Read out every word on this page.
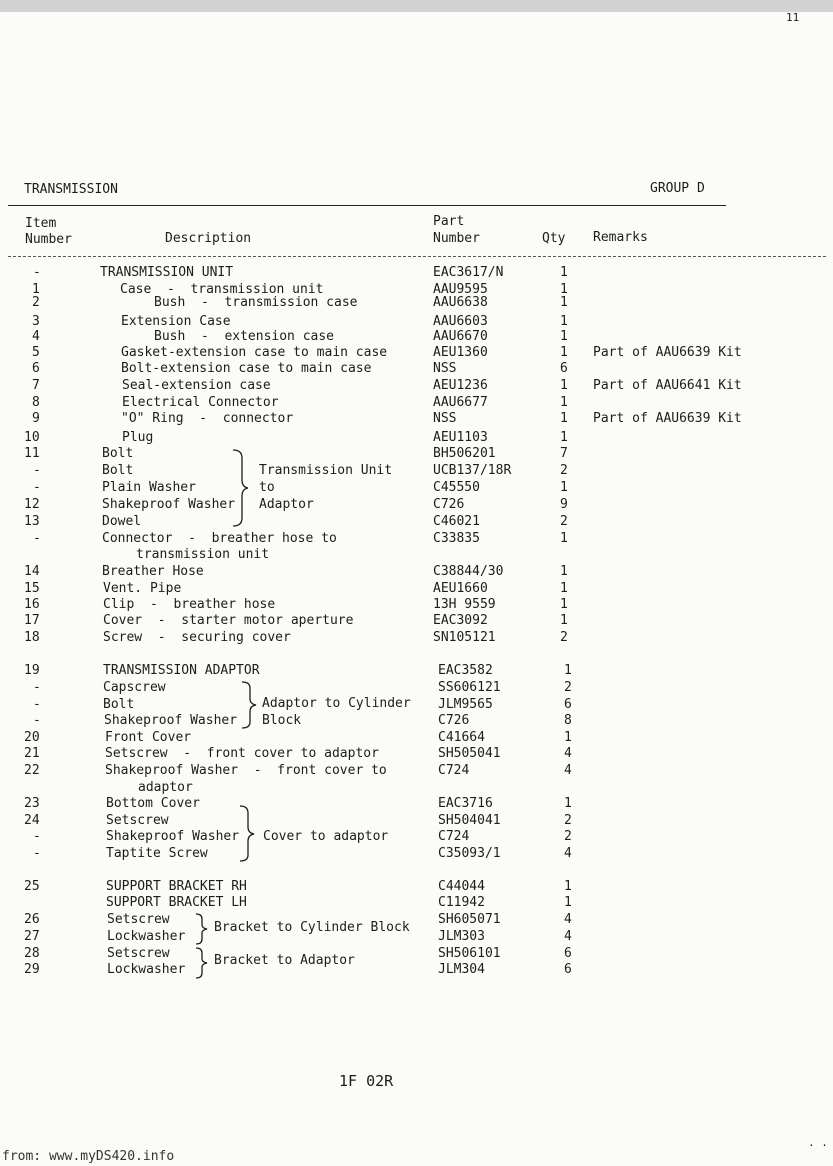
11
TRANSMISSION	GROUP D
Item
Number	Description
Part
Number	Qty Remarks
-	TRANSMISSION UNIT	EAC3617/N	1
1	Case  -  transmission unit	AAU9595	1
2	Bush  -  transmission case	AAU6638	1
3	Extension Case	AAU6603	1
4	Bush  -  extension case	AAU6670	1
5	Gasket-extension case to main case	AEU1360	1 Part of AAU6639 Kit
6	Bolt-extension case to main case	NSS	6
7	Seal-extension case	AEU1236	1 Part of AAU6641 Kit
8	Electrical Connector	AAU6677	1
9	"O" Ring  -  connector	NSS	1 Part of AAU6639 Kit
10	Plug	AEU1103	1
11	Bolt	BH506201	7
-	Bolt	UCB137/18R	2
-	Plain Washer	C45550	1
12	Shakeproof Washer	C726	9
13	Dowel	C46021	2
-	Connector  -  breather hose to	C33835	1
transmission unit
14	Breather Hose	C38844/30	1
15	Vent. Pipe	AEU1660	1
16	Clip  -  breather hose	13H 9559	1
17	Cover  -  starter motor aperture	EAC3092	1
18	Screw  -  securing cover	SN105121	2
19	TRANSMISSION ADAPTOR	EAC3582	1
-	Capscrew	SS606121	2
-	Bolt	JLM9565	6
-	Shakeproof Washer	C726	8
20	Front Cover	C41664	1
21	Setscrew  -  front cover to adaptor	SH505041	4
22	Shakeproof Washer  -  front cover to	C724	4
adaptor
23	Bottom Cover	EAC3716	1
24	Setscrew	SH504041	2
-	Shakeproof Washer	C724	2
-	Taptite Screw	C35093/1	4
25	SUPPORT BRACKET RH	C44044	1
SUPPORT BRACKET LH	C11942	1
26	Setscrew	SH605071	4
27	Lockwasher	JLM303	4
28	Setscrew	SH506101	6
29	Lockwasher	JLM304	6
Transmission Unit
to
Adaptor
Adaptor to Cylinder
Block
Cover to adaptor
Bracket to Cylinder Block
Bracket to Adaptor
1F 02R
from: www.myDS420.info
· ·
